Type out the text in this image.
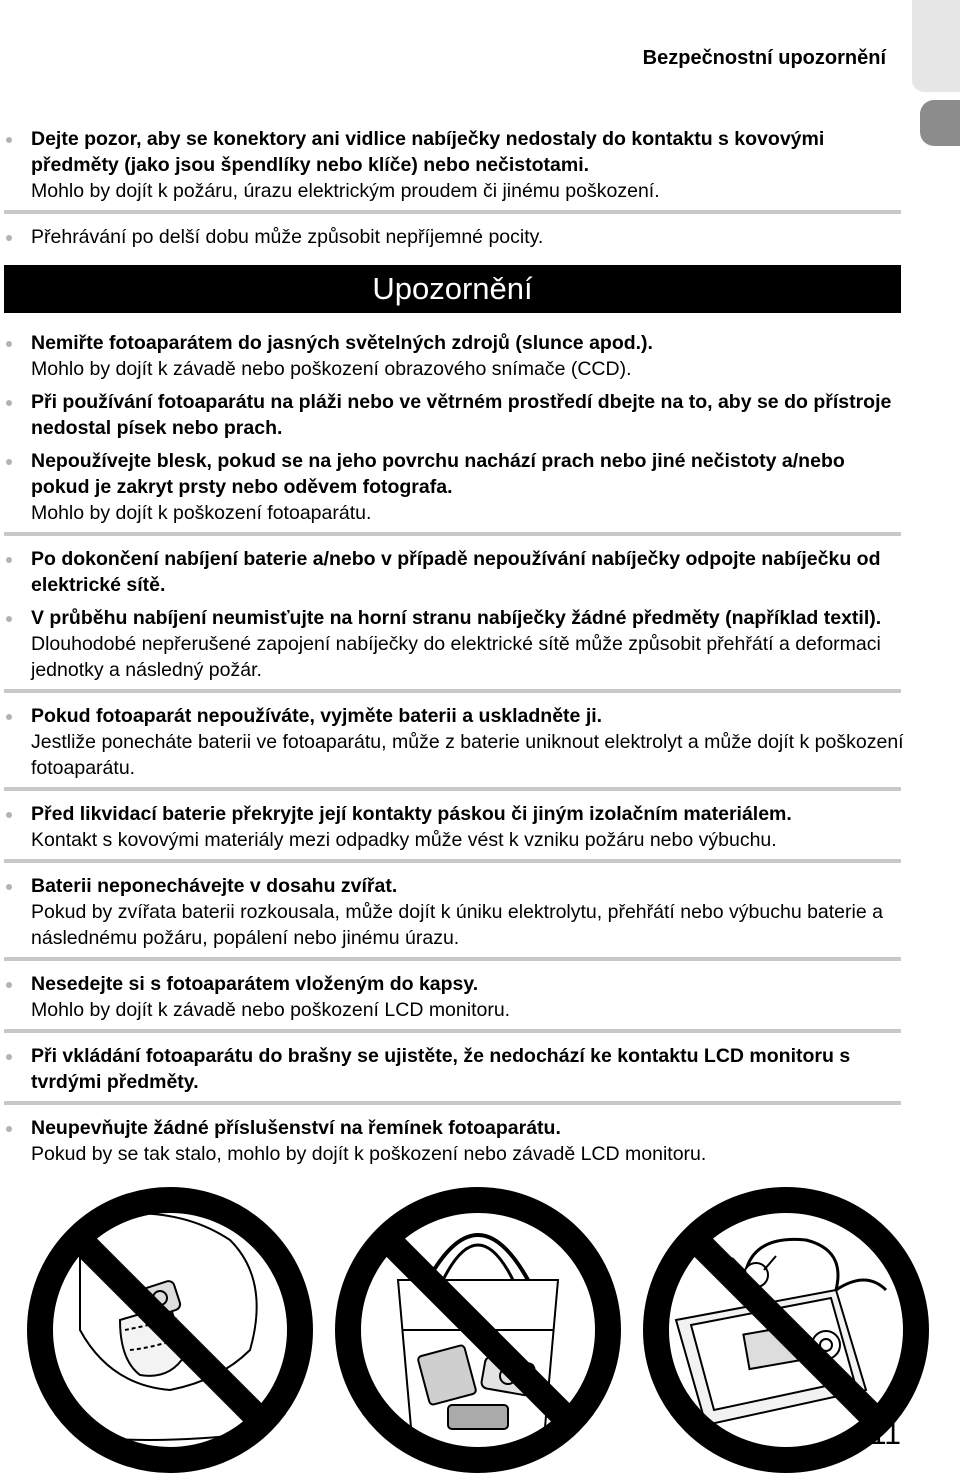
Bezpečnostní upozornění
Dejte pozor, aby se konektory ani vidlice nabíječky nedostaly do kontaktu s kovovými předměty (jako jsou špendlíky nebo klíče) nebo nečistotami.
Mohlo by dojít k požáru, úrazu elektrickým proudem či jinému poškození.
Přehrávání po delší dobu může způsobit nepříjemné pocity.
Upozornění
Nemiřte fotoaparátem do jasných světelných zdrojů (slunce apod.).
Mohlo by dojít k závadě nebo poškození obrazového snímače (CCD).
Při používání fotoaparátu na pláži nebo ve větrném prostředí dbejte na to, aby se do přístroje nedostal písek nebo prach.
Nepoužívejte blesk, pokud se na jeho povrchu nachází prach nebo jiné nečistoty a/nebo pokud je zakryt prsty nebo oděvem fotografa.
Mohlo by dojít k poškození fotoaparátu.
Po dokončení nabíjení baterie a/nebo v případě nepoužívání nabíječky odpojte nabíječku od elektrické sítě.
V průběhu nabíjení neumisťujte na horní stranu nabíječky žádné předměty (například textil).
Dlouhodobé nepřerušené zapojení nabíječky do elektrické sítě může způsobit přehřátí a deformaci jednotky a následný požár.
Pokud fotoaparát nepoužíváte, vyjměte baterii a uskladněte ji.
Jestliže ponecháte baterii ve fotoaparátu, může z baterie uniknout elektrolyt a může dojít k poškození fotoaparátu.
Před likvidací baterie překryjte její kontakty páskou či jiným izolačním materiálem.
Kontakt s kovovými materiály mezi odpadky může vést k vzniku požáru nebo výbuchu.
Baterii neponechávejte v dosahu zvířat.
Pokud by zvířata baterii rozkousala, může dojít k úniku elektrolytu, přehřátí nebo výbuchu baterie a následnému požáru, popálení nebo jinému úrazu.
Nesedejte si s fotoaparátem vloženým do kapsy.
Mohlo by dojít k závadě nebo poškození LCD monitoru.
Při vkládání fotoaparátu do brašny se ujistěte, že nedochází ke kontaktu LCD monitoru s tvrdými předměty.
Neupevňujte žádné příslušenství na řemínek fotoaparátu.
Pokud by se tak stalo, mohlo by dojít k poškození nebo závadě LCD monitoru.
11
